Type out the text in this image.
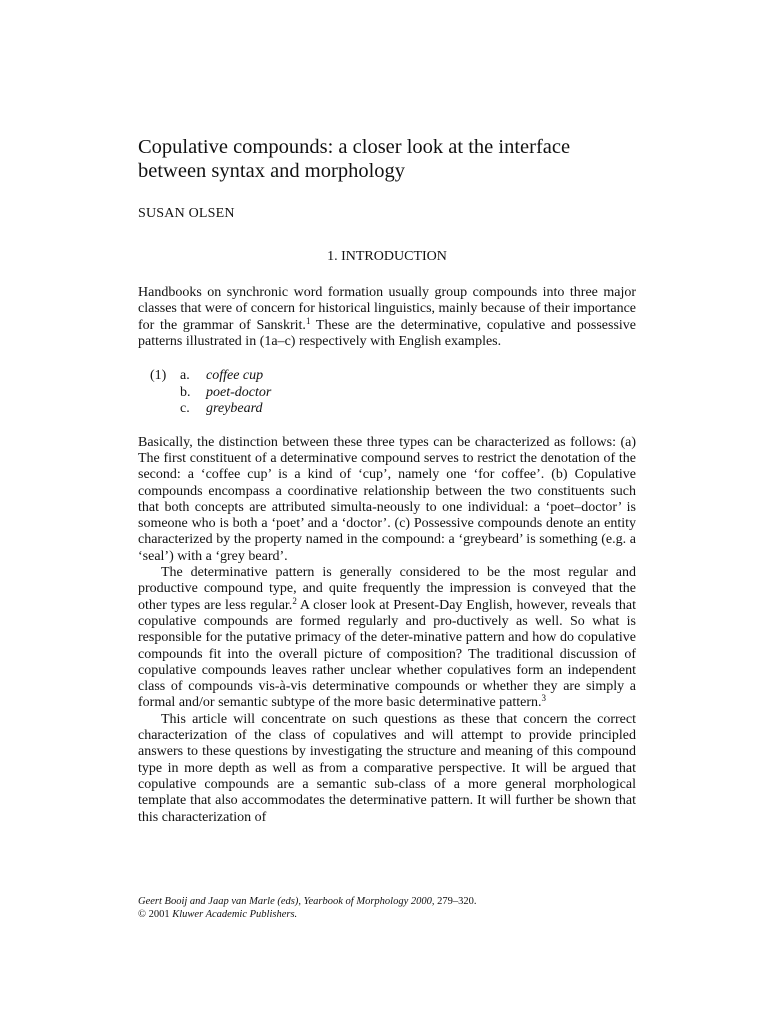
Copulative compounds: a closer look at the interface
between syntax and morphology

SUSAN OLSEN

1. INTRODUCTION

Handbooks on synchronic word formation usually group compounds into three major classes that were of concern for historical linguistics, mainly because of their importance for the grammar of Sanskrit.$^1$ These are the determinative, copulative and possessive patterns illustrated in (1a–c) respectively with English examples.

(1) a.	coffee cup
b.	poet-doctor
c.	greybeard

Basically, the distinction between these three types can be characterized as follows: (a) The first constituent of a determinative compound serves to restrict the denotation of the second: a ‘coffee cup’ is a kind of ‘cup’, namely one ‘for coffee’. (b) Copulative compounds encompass a coordinative relationship between the two constituents such that both concepts are attributed simulta-neously to one individual: a ‘poet–doctor’ is someone who is both a ‘poet’ and a ‘doctor’. (c) Possessive compounds denote an entity characterized by the property named in the compound: a ‘greybeard’ is something (e.g. a ‘seal’) with a ‘grey beard’.

The determinative pattern is generally considered to be the most regular and productive compound type, and quite frequently the impression is conveyed that the other types are less regular.$^2$ A closer look at Present-Day English, however, reveals that copulative compounds are formed regularly and pro-ductively as well. So what is responsible for the putative primacy of the deter-minative pattern and how do copulative compounds fit into the overall picture of composition? The traditional discussion of copulative compounds leaves rather unclear whether copulatives form an independent class of compounds vis-à-vis determinative compounds or whether they are simply a formal and/or semantic subtype of the more basic determinative pattern.$^3$

This article will concentrate on such questions as these that concern the correct characterization of the class of copulatives and will attempt to provide principled answers to these questions by investigating the structure and meaning of this compound type in more depth as well as from a comparative perspective. It will be argued that copulative compounds are a semantic sub-class of a more general morphological template that also accommodates the determinative pattern. It will further be shown that this characterization of

Geert Booij and Jaap van Marle (eds), Yearbook of Morphology 2000, 279–320.
© 2001 Kluwer Academic Publishers.
